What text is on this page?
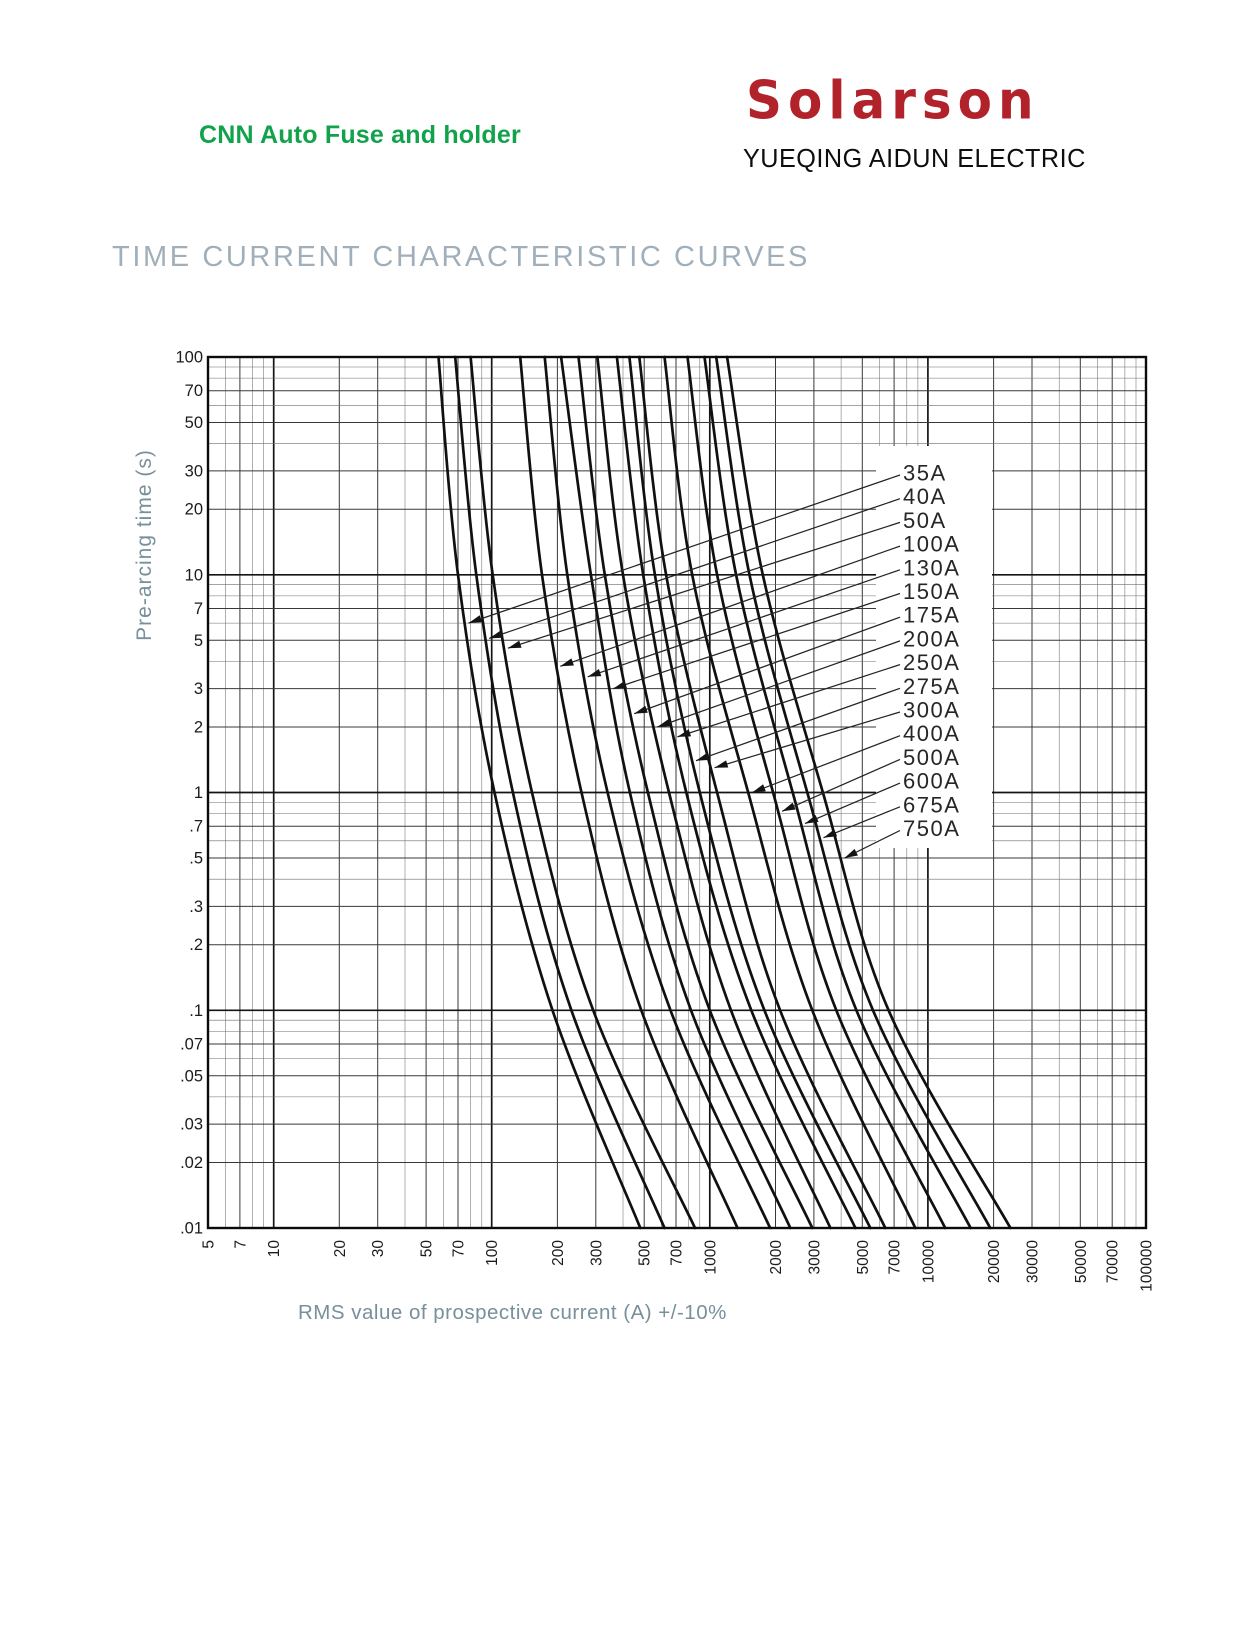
CNN Auto Fuse and holder
Solarson
YUEQING AIDUN ELECTRIC
TIME CURRENT CHARACTERISTIC CURVES
Pre-arcing time (s)
100
70
50
30
20
10
7
5
3
2
1
.7
.5
.3
.2
.1
.07
.05
.03
.02
.01
5 7 10	20 30 50 70 100	200 300 500 700 1000	2000 3000 5000 7000 10000	20000 30000 50000 70000 100000
35A
40A
50A
100A
130A
150A
175A
200A
250A
275A
300A
400A
500A
600A
675A
750A
RMS value of prospective current (A) +/-10%
